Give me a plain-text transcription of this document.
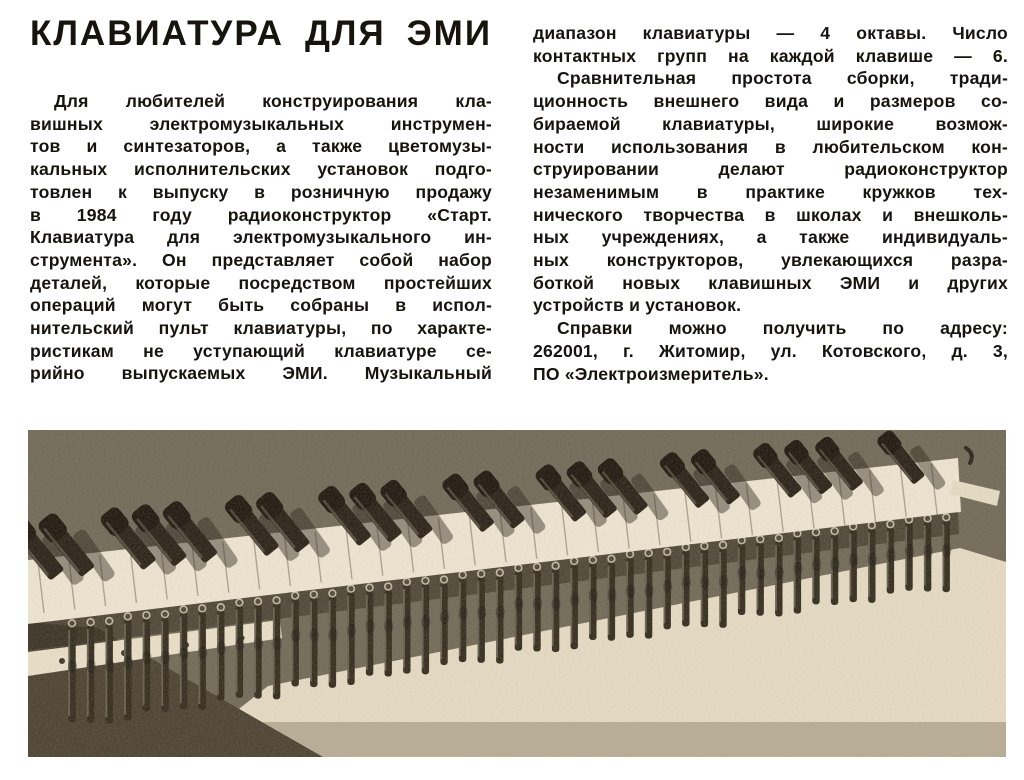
КЛАВИАТУРА ДЛЯ ЭМИ
Для любителей конструирования кла-
вишных электромузыкальных инструмен-
тов и синтезаторов, а также цветомузы-
кальных исполнительских установок подго-
товлен к выпуску в розничную продажу
в 1984 году радиоконструктор «Старт.
Клавиатура для электромузыкального ин-
струмента». Он представляет собой набор
деталей, которые посредством простейших
операций могут быть собраны в испол-
нительский пульт клавиатуры, по характе-
ристикам не уступающий клавиатуре се-
рийно выпускаемых ЭМИ. Музыкальный
диапазон клавиатуры — 4 октавы. Число
контактных групп на каждой клавише — 6.
Сравнительная простота сборки, тради-
ционность внешнего вида и размеров со-
бираемой клавиатуры, широкие возмож-
ности использования в любительском кон-
струировании делают радиоконструктор
незаменимым в практике кружков тех-
нического творчества в школах и внешколь-
ных учреждениях, а также индивидуаль-
ных конструкторов, увлекающихся разра-
боткой новых клавишных ЭМИ и других
устройств и установок.
Справки можно получить по адресу:
262001, г. Житомир, ул. Котовского, д. 3,
ПО «Электроизмеритель».
